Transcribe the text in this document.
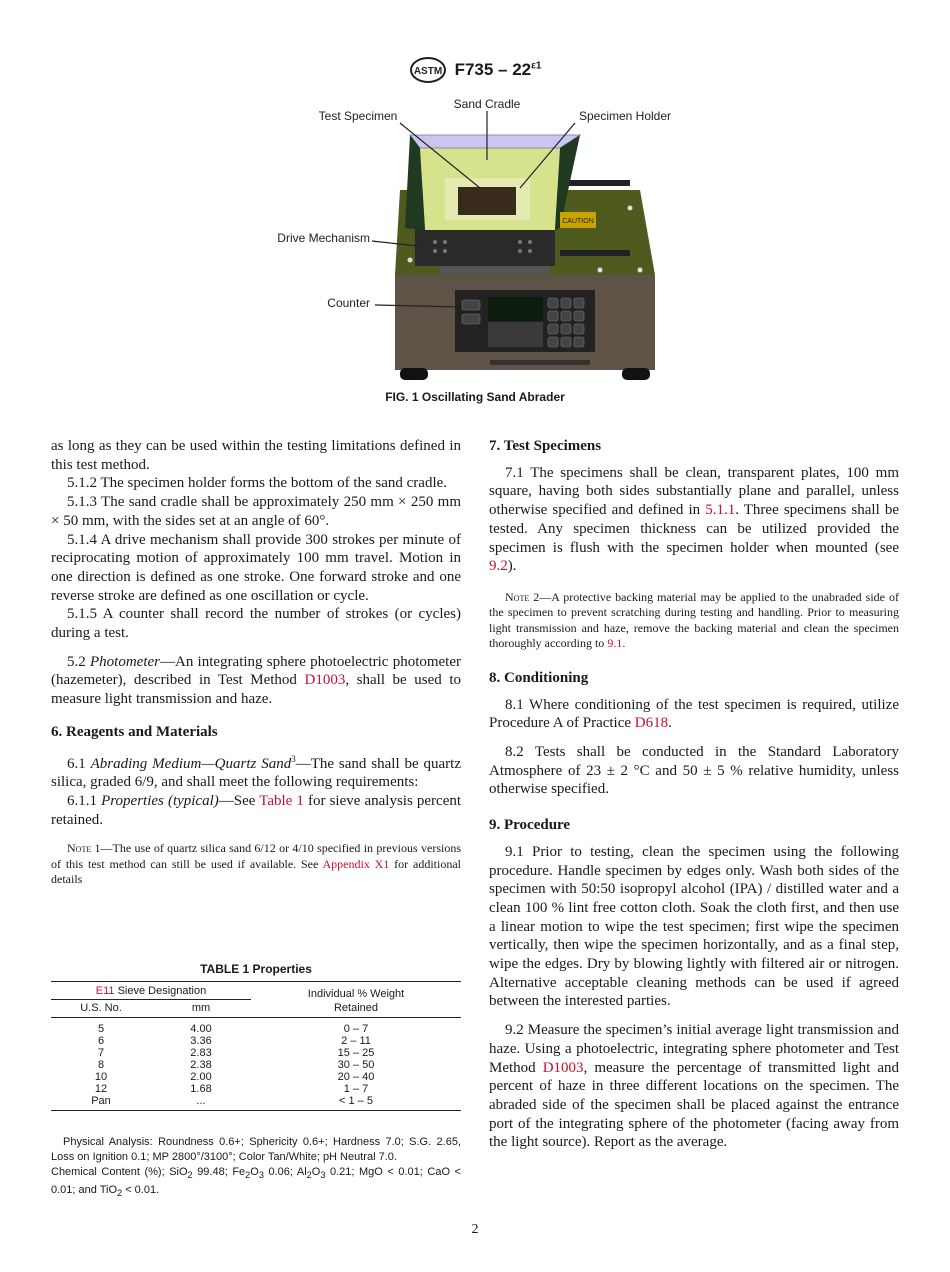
ASTM $F735 - 22^{\varepsilon 1}$
CAUTION
Test Specimen
Sand Cradle
Specimen Holder
Drive Mechanism
Counter
FIG. 1 Oscillating Sand Abrader

as long as they can be used within the testing limitations defined in this test method.

5.1.2 The specimen holder forms the bottom of the sand cradle.

5.1.3 The sand cradle shall be approximately 250 mm × 250 mm × 50 mm, with the sides set at an angle of 60°.

5.1.4 A drive mechanism shall provide 300 strokes per minute of reciprocating motion of approximately 100 mm travel. Motion in one direction is defined as one stroke. One forward stroke and one reverse stroke are defined as one oscillation or cycle.

5.1.5 A counter shall record the number of strokes (or cycles) during a test.

5.2 Photometer—An integrating sphere photoelectric photometer (hazemeter), described in Test Method D1003, shall be used to measure light transmission and haze.

6. Reagents and Materials

6.1 Abrading Medium—Quartz Sand$^3$—The sand shall be quartz silica, graded 6/9, and shall meet the following requirements:

6.1.1 Properties (typical)—See Table 1 for sieve analysis percent retained.

Note 1—The use of quartz silica sand 6/12 or 4/10 specified in previous versions of this test method can still be used if available. See Appendix X1 for additional details

TABLE 1 Properties
E11 Sieve Designation		Individual % Weight
Retained
U.S. No.	mm	
5	4.00	0 – 7
6	3.36	2 – 11
7	2.83	15 – 25
8	2.38	30 – 50
10	2.00	20 – 40
12	1.68	1 – 7
Pan	...	< 1 – 5
Physical Analysis: Roundness 0.6+; Sphericity 0.6+; Hardness 7.0; S.G. 2.65, Loss on Ignition 0.1; MP 2800°/3100°; Color Tan/White; pH Neutral 7.0.
Chemical Content (%); SiO$_2$ 99.48; $Fe_2O_3$ 0.06; $Al_2O_3$ 0.21; MgO < 0.01; CaO < 0.01; and TiO$_2$ < 0.01.
7. Test Specimens

7.1 The specimens shall be clean, transparent plates, 100 mm square, having both sides substantially plane and parallel, unless otherwise specified and defined in 5.1.1. Three specimens shall be tested. Any specimen thickness can be utilized provided the specimen is flush with the specimen holder when mounted (see 9.2).

Note 2—A protective backing material may be applied to the unabraded side of the specimen to prevent scratching during testing and handling. Prior to measuring light transmission and haze, remove the backing material and clean the specimen thoroughly according to 9.1.

8. Conditioning

8.1 Where conditioning of the test specimen is required, utilize Procedure A of Practice D618.

8.2 Tests shall be conducted in the Standard Laboratory Atmosphere of 23 ± 2 °C and 50 ± 5 % relative humidity, unless otherwise specified.

9. Procedure

9.1 Prior to testing, clean the specimen using the following procedure. Handle specimen by edges only. Wash both sides of the specimen with 50:50 isopropyl alcohol (IPA) / distilled water and a clean 100 % lint free cotton cloth. Soak the cloth first, and then use a linear motion to wipe the test specimen; first wipe the specimen vertically, then wipe the specimen horizontally, and as a final step, wipe the edges. Dry by blowing lightly with filtered air or nitrogen. Alternative acceptable cleaning methods can be used if agreed between the interested parties.

9.2 Measure the specimen’s initial average light transmission and haze. Using a photoelectric, integrating sphere photometer and Test Method D1003, measure the percentage of transmitted light and percent of haze in three different locations on the specimen. The abraded side of the specimen shall be placed against the entrance port of the integrating sphere of the photometer (facing away from the light source). Report as the average.

2
